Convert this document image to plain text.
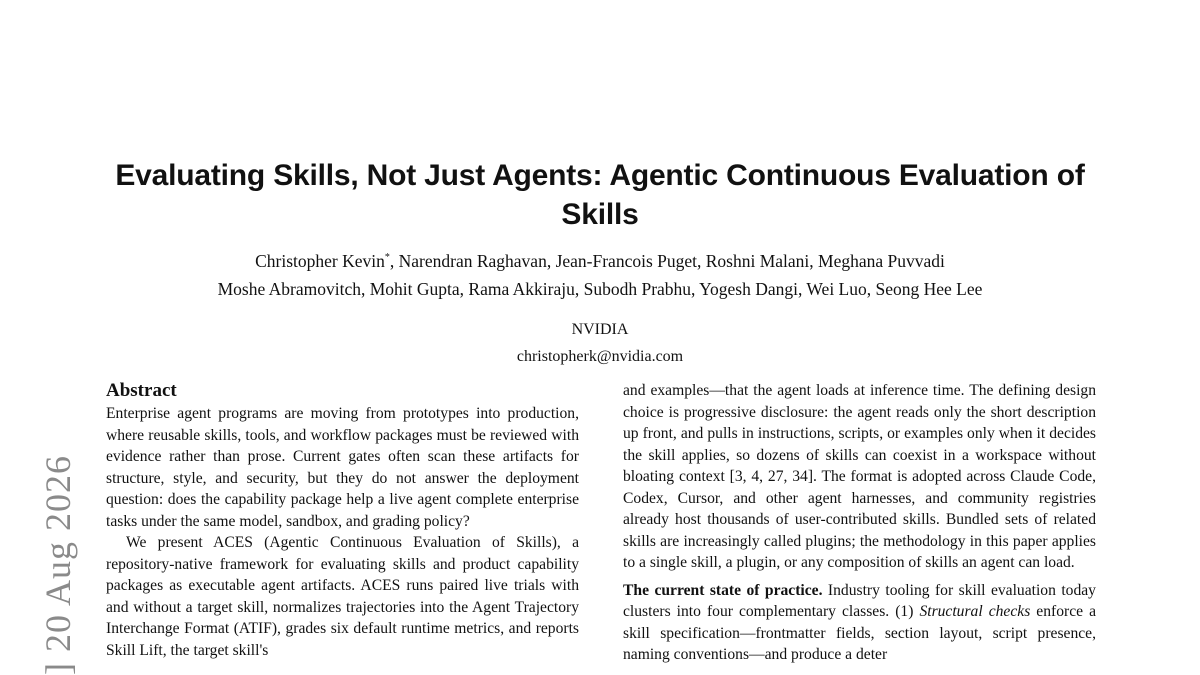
] 20 Aug 2026
Evaluating Skills, Not Just Agents: Agentic Continuous Evaluation of Skills
Christopher Kevin*, Narendran Raghavan, Jean-Francois Puget, Roshni Malani, Meghana Puvvadi
Moshe Abramovitch, Mohit Gupta, Rama Akkiraju, Subodh Prabhu, Yogesh Dangi, Wei Luo, Seong Hee Lee
NVIDIA
christopherk@nvidia.com
Abstract

Enterprise agent programs are moving from prototypes into production, where reusable skills, tools, and workflow packages must be reviewed with evidence rather than prose. Current gates often scan these artifacts for structure, style, and security, but they do not answer the deployment question: does the capability package help a live agent complete enterprise tasks under the same model, sandbox, and grading policy?

We present ACES (Agentic Continuous Evaluation of Skills), a repository-native framework for evaluating skills and product capability packages as executable agent artifacts. ACES runs paired live trials with and without a target skill, normalizes trajectories into the Agent Trajectory Interchange Format (ATIF), grades six default runtime metrics, and reports Skill Lift, the target skill's

and examples—that the agent loads at inference time. The defining design choice is progressive disclosure: the agent reads only the short description up front, and pulls in instructions, scripts, or examples only when it decides the skill applies, so dozens of skills can coexist in a workspace without bloating context [3, 4, 27, 34]. The format is adopted across Claude Code, Codex, Cursor, and other agent harnesses, and community registries already host thousands of user-contributed skills. Bundled sets of related skills are increasingly called plugins; the methodology in this paper applies to a single skill, a plugin, or any composition of skills an agent can load.

The current state of practice. Industry tooling for skill evaluation today clusters into four complementary classes. (1) Structural checks enforce a skill specification—frontmatter fields, section layout, script presence, naming conventions—and produce a deter
